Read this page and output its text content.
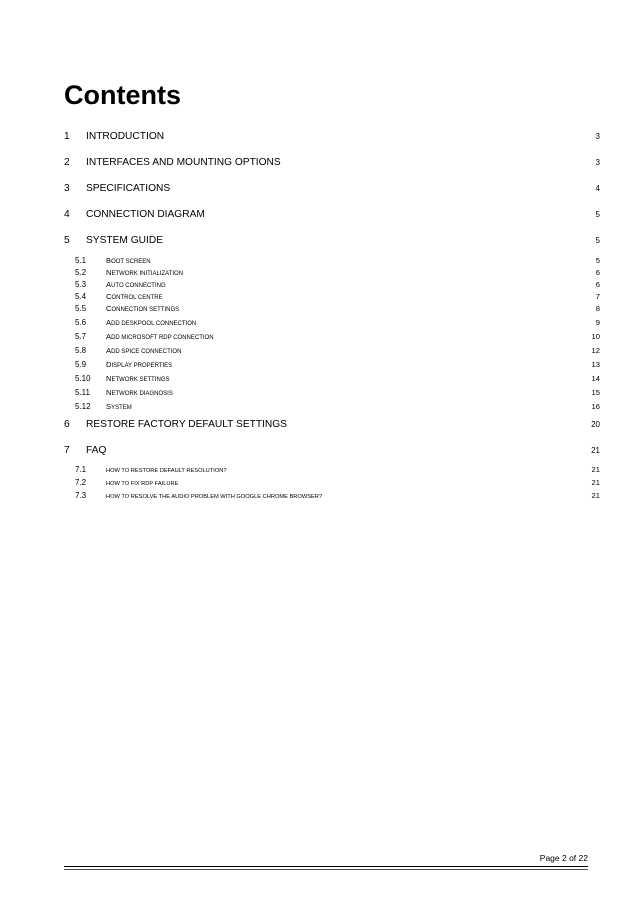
Contents
1	INTRODUCTION	3
2	INTERFACES AND MOUNTING OPTIONS	3
3	SPECIFICATIONS	4
4	CONNECTION DIAGRAM	5
5	SYSTEM GUIDE	5
5.1	BOOT SCREEN	5
5.2	NETWORK INITIALIZATION	6
5.3	AUTO CONNECTING	6
5.4	CONTROL CENTRE	7
5.5	CONNECTION SETTINGS	8
5.6	ADD DESKPOOL CONNECTION	9
5.7	ADD MICROSOFT RDP CONNECTION	10
5.8	ADD SPICE CONNECTION	12
5.9	DISPLAY PROPERTIES	13
5.10	NETWORK SETTINGS	14
5.11	NETWORK DIAGNOSIS	15
5.12	SYSTEM	16
6	RESTORE FACTORY DEFAULT SETTINGS	20
7	FAQ	21
7.1	HOW TO RESTORE DEFAULT RESOLUTION?	21
7.2	HOW TO FIX RDP FAILURE	21
7.3	HOW TO RESOLVE THE AUDIO PROBLEM WITH GOOGLE CHROME BROWSER?	21
Page 2 of 22
